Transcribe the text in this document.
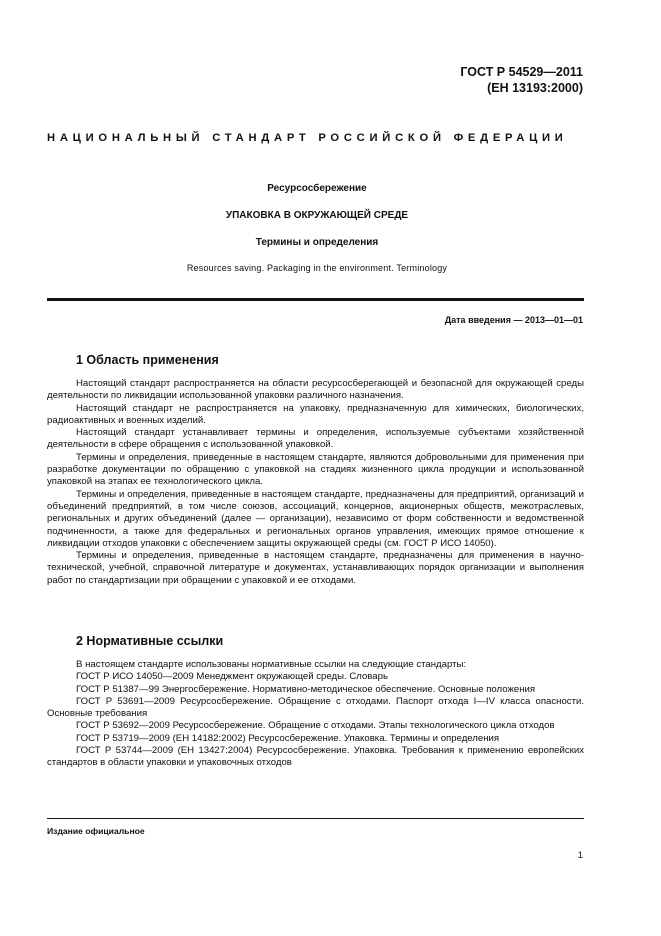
ГОСТ Р 54529—2011
(ЕН 13193:2000)
НАЦИОНАЛЬНЫЙ СТАНДАРТ РОССИЙСКОЙ ФЕДЕРАЦИИ
Ресурсосбережение
УПАКОВКА В ОКРУЖАЮЩЕЙ СРЕДЕ
Термины и определения
Resources saving. Packaging in the environment. Terminology
Дата введения — 2013—01—01
1 Область применения

Настоящий стандарт распространяется на области ресурсосберегающей и безопасной для окружающей среды деятельности по ликвидации использованной упаковки различного назначения.

Настоящий стандарт не распространяется на упаковку, предназначенную для химических, биологических, радиоактивных и военных изделий.

Настоящий стандарт устанавливает термины и определения, используемые субъектами хозяйственной деятельности в сфере обращения с использованной упаковкой.

Термины и определения, приведенные в настоящем стандарте, являются добровольными для применения при разработке документации по обращению с упаковкой на стадиях жизненного цикла продукции и использованной упаковкой на этапах ее технологического цикла.

Термины и определения, приведенные в настоящем стандарте, предназначены для предприятий, организаций и объединений предприятий, в том числе союзов, ассоциаций, концернов, акционерных обществ, межотраслевых, региональных и других объединений (далее — организации), независимо от форм собственности и ведомственной подчиненности, а также для федеральных и региональных органов управления, имеющих прямое отношение к ликвидации отходов упаковки с обеспечением защиты окружающей среды (см. ГОСТ Р ИСО 14050).

Термины и определения, приведенные в настоящем стандарте, предназначены для применения в научно-технической, учебной, справочной литературе и документах, устанавливающих порядок организации и выполнения работ по стандартизации при обращении с упаковкой и ее отходами.

2 Нормативные ссылки

В настоящем стандарте использованы нормативные ссылки на следующие стандарты:

ГОСТ Р ИСО 14050—2009 Менеджмент окружающей среды. Словарь

ГОСТ Р 51387—99 Энергосбережение. Нормативно-методическое обеспечение. Основные положения

ГОСТ Р 53691—2009 Ресурсосбережение. Обращение с отходами. Паспорт отхода I—IV класса опасности. Основные требования

ГОСТ Р 53692—2009 Ресурсосбережение. Обращение с отходами. Этапы технологического цикла отходов

ГОСТ Р 53719—2009 (ЕН 14182:2002) Ресурсосбережение. Упаковка. Термины и определения

ГОСТ Р 53744—2009 (ЕН 13427:2004) Ресурсосбережение. Упаковка. Требования к применению европейских стандартов в области упаковки и упаковочных отходов

Издание официальное
1
